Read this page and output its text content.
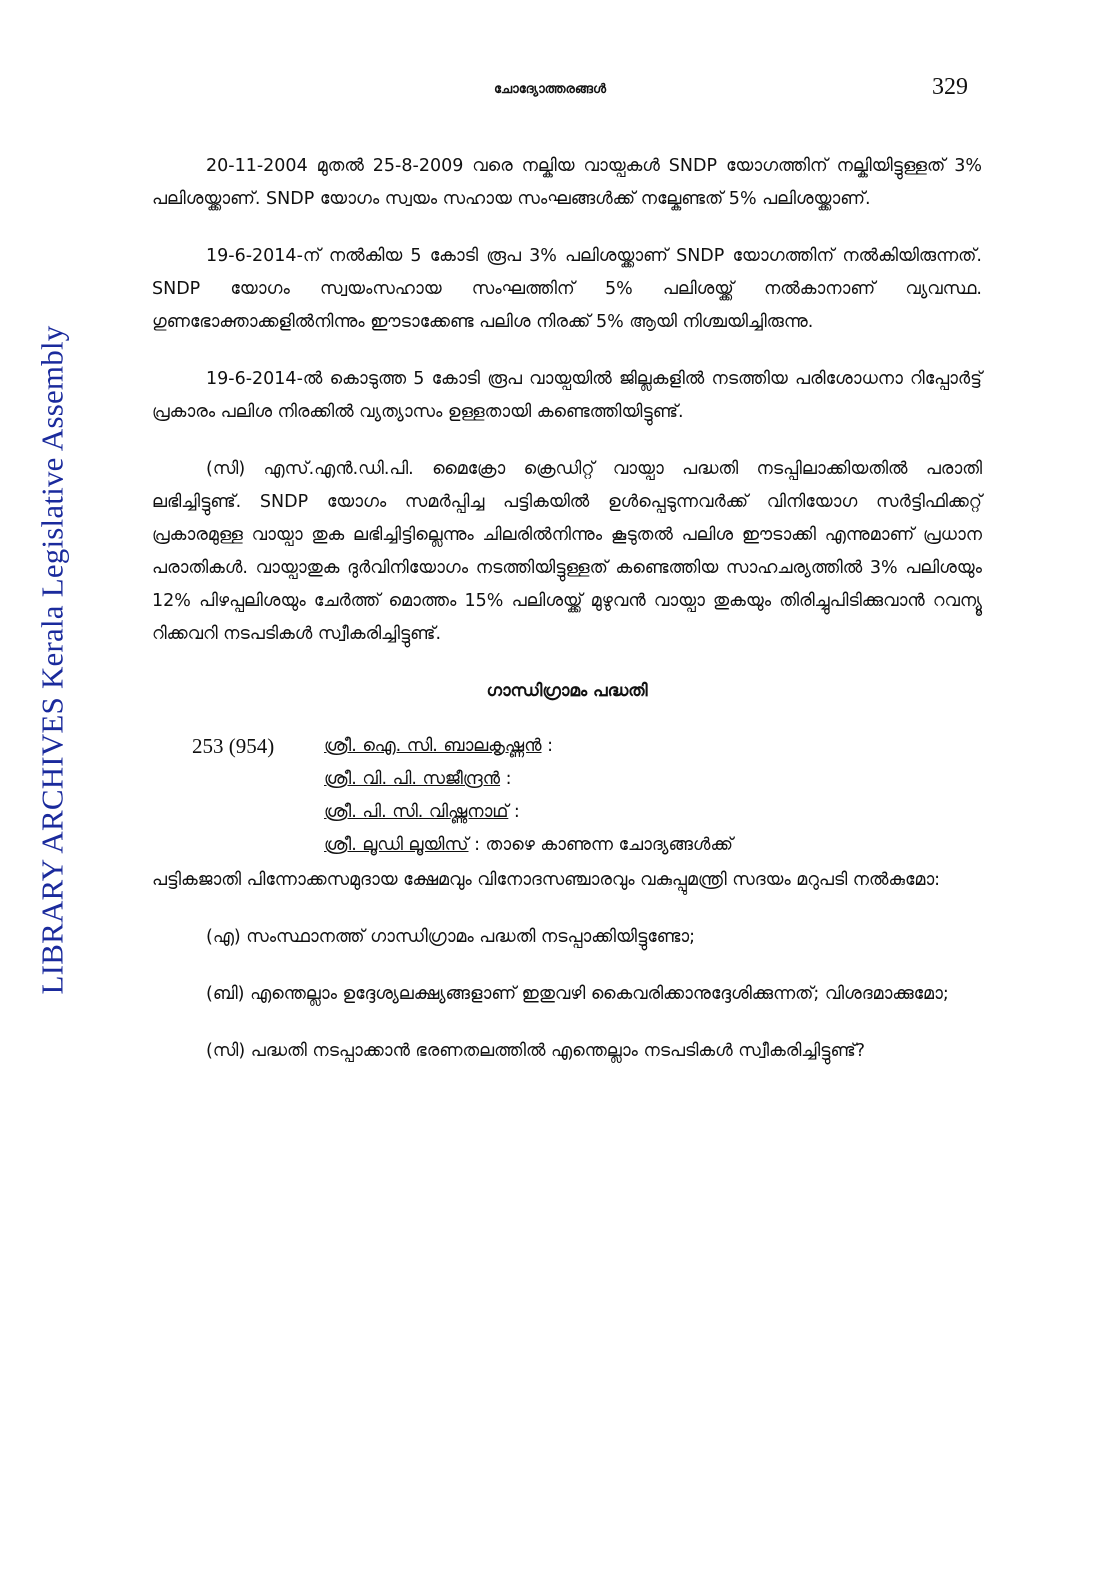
LIBRARY ARCHIVES Kerala Legislative Assembly
ചോദ്യോത്തരങ്ങൾ	329

20-11-2004 മുതൽ 25-8-2009 വരെ നല്കിയ വായ്പകൾ SNDP യോഗത്തിന് നല്കിയിട്ടുള്ളത് 3% പലിശയ്ക്കാണ്. SNDP യോഗം സ്വയം സഹായ സംഘങ്ങൾക്ക് നല്കേണ്ടത് 5% പലിശയ്ക്കാണ്.

19-6-2014-ന് നൽകിയ 5 കോടി രൂപ 3% പലിശയ്ക്കാണ് SNDP യോഗത്തിന് നൽകിയിരുന്നത്. SNDP യോഗം സ്വയംസഹായ സംഘത്തിന് 5% പലിശയ്ക്ക് നൽകാനാണ് വ്യവസ്ഥ. ഗുണഭോക്താക്കളിൽനിന്നും ഈടാക്കേണ്ട പലിശ നിരക്ക് 5% ആയി നിശ്ചയിച്ചിരുന്നു.

19-6-2014-ൽ കൊടുത്ത 5 കോടി രൂപ വായ്പയിൽ ജില്ലകളിൽ നടത്തിയ പരിശോധനാ റിപ്പോർട്ട് പ്രകാരം പലിശ നിരക്കിൽ വ്യത്യാസം ഉള്ളതായി കണ്ടെത്തിയിട്ടുണ്ട്.

(സി) എസ്.എൻ.ഡി.പി. മൈക്രോ ക്രെഡിറ്റ് വായ്പാ പദ്ധതി നടപ്പിലാക്കിയതിൽ പരാതി ലഭിച്ചിട്ടുണ്ട്. SNDP യോഗം സമർപ്പിച്ച പട്ടികയിൽ ഉൾപ്പെടുന്നവർക്ക് വിനിയോഗ സർട്ടിഫിക്കറ്റ് പ്രകാരമുള്ള വായ്പാ തുക ലഭിച്ചിട്ടില്ലെന്നും ചിലരിൽനിന്നും കൂടുതൽ പലിശ ഈടാക്കി എന്നുമാണ് പ്രധാന പരാതികൾ. വായ്പാതുക ദുർവിനിയോഗം നടത്തിയിട്ടുള്ളത് കണ്ടെത്തിയ സാഹചര്യത്തിൽ 3% പലിശയും 12% പിഴപ്പലിശയും ചേർത്ത് മൊത്തം 15% പലിശയ്ക്ക് മുഴുവൻ വായ്പാ തുകയും തിരിച്ചുപിടിക്കുവാൻ റവന്യൂ റിക്കവറി നടപടികൾ സ്വീകരിച്ചിട്ടുണ്ട്.

ഗാന്ധിഗ്രാമം പദ്ധതി

253 (954)	ശ്രീ. ഐ. സി. ബാലകൃഷ്ണൻ :
ശ്രീ. വി. പി. സജീന്ദ്രൻ :
ശ്രീ. പി. സി. വിഷ്ണുനാഥ് :
ശ്രീ. ലൂഡി ലൂയിസ് : താഴെ കാണുന്ന ചോദ്യങ്ങൾക്ക്

പട്ടികജാതി പിന്നോക്കസമുദായ ക്ഷേമവും വിനോദസഞ്ചാരവും വകുപ്പുമന്ത്രി സദയം മറുപടി നൽകുമോ:

(എ) സംസ്ഥാനത്ത് ഗാന്ധിഗ്രാമം പദ്ധതി നടപ്പാക്കിയിട്ടുണ്ടോ;

(ബി) എന്തെല്ലാം ഉദ്ദേശ്യലക്ഷ്യങ്ങളാണ് ഇതുവഴി കൈവരിക്കാനുദ്ദേശിക്കുന്നത്; വിശദമാക്കുമോ;

(സി) പദ്ധതി നടപ്പാക്കാൻ ഭരണതലത്തിൽ എന്തെല്ലാം നടപടികൾ സ്വീകരിച്ചിട്ടുണ്ട്?
